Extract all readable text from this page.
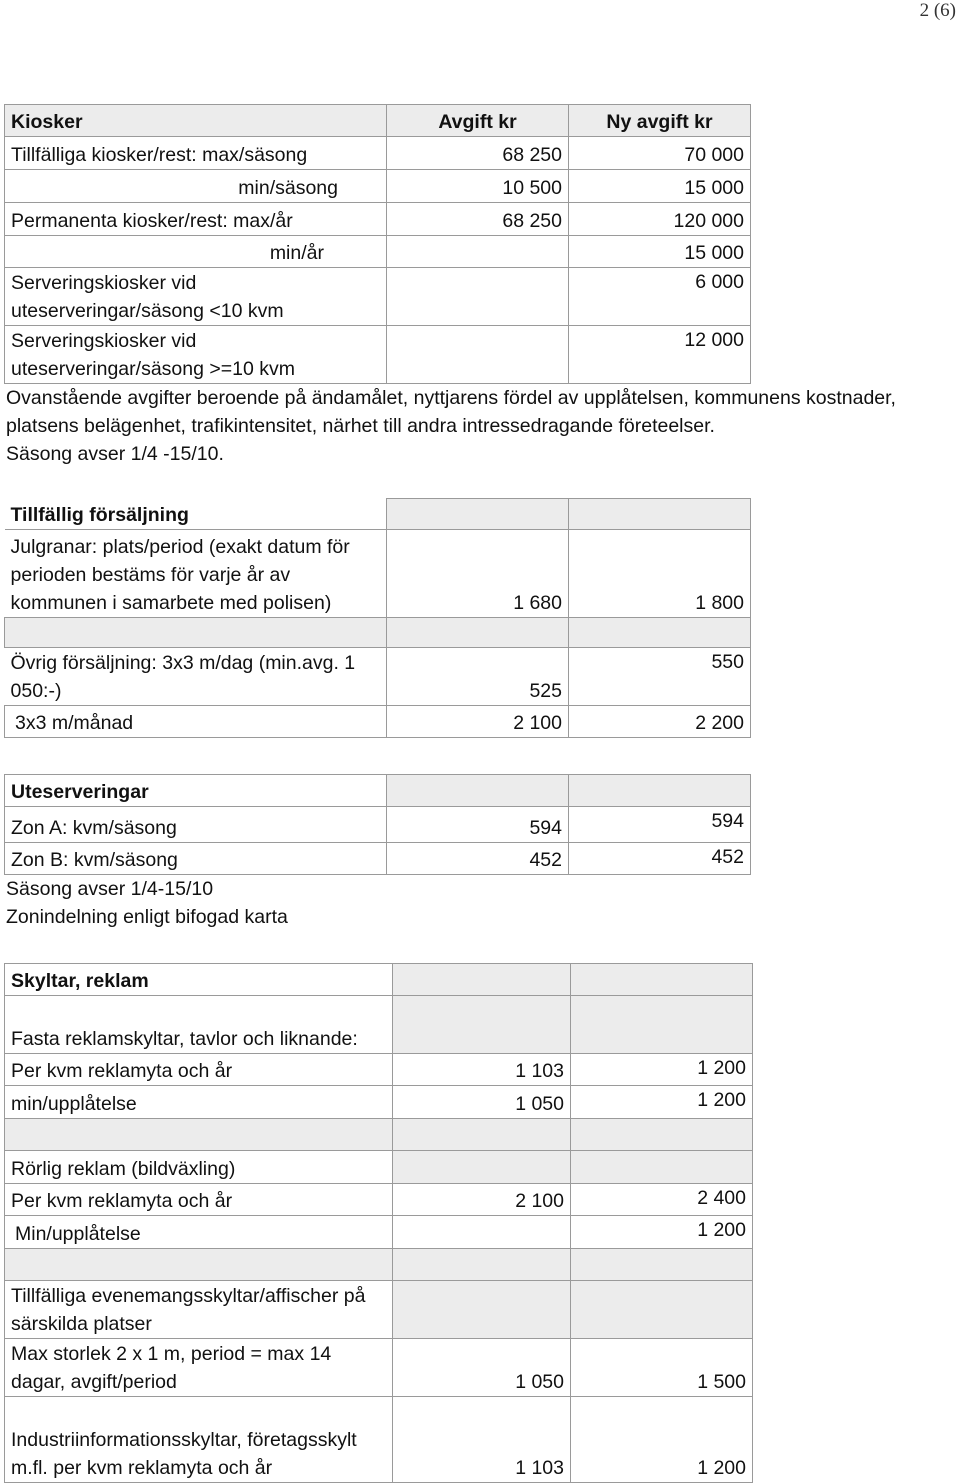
2 (6)
Kiosker	Avgift kr	Ny avgift kr
Tillfälliga kiosker/rest: max/säsong	68 250	70 000
min/säsong	10 500	15 000
Permanenta kiosker/rest: max/år	68 250	120 000
min/år		15 000
Serveringskiosker vid uteserveringar/säsong <10 kvm		6 000
Serveringskiosker vid uteserveringar/säsong >=10 kvm		12 000

Ovanstående avgifter beroende på ändamålet, nyttjarens fördel av upplåtelsen, kommunens kostnader, platsens belägenhet, trafikintensitet, närhet till andra intressedragande företeelser.

Säsong avser 1/4 -15/10.

Tillfällig försäljning		
Julgranar: plats/period (exakt datum för perioden bestäms för varje år av kommunen i samarbete med polisen)	1 680	1 800

Övrig försäljning: 3x3 m/dag (min.avg. 1 050:-)	525	550
3x3 m/månad	2 100	2 200
Uteserveringar		
Zon A: kvm/säsong	594	594
Zon B: kvm/säsong	452	452

Säsong avser 1/4-15/10

Zonindelning enligt bifogad karta

Skyltar, reklam		
Fasta reklamskyltar, tavlor och liknande:		
Per kvm reklamyta och år	1 103	1 200
min/upplåtelse	1 050	1 200

Rörlig reklam (bildväxling)		
Per kvm reklamyta och år	2 100	2 400
Min/upplåtelse		1 200

Tillfälliga evenemangsskyltar/affischer på särskilda platser		
Max storlek 2 x 1 m, period = max 14 dagar, avgift/period	1 050	1 500
Industriinformationsskyltar, företagsskylt m.fl. per kvm reklamyta och år	1 103	1 200
